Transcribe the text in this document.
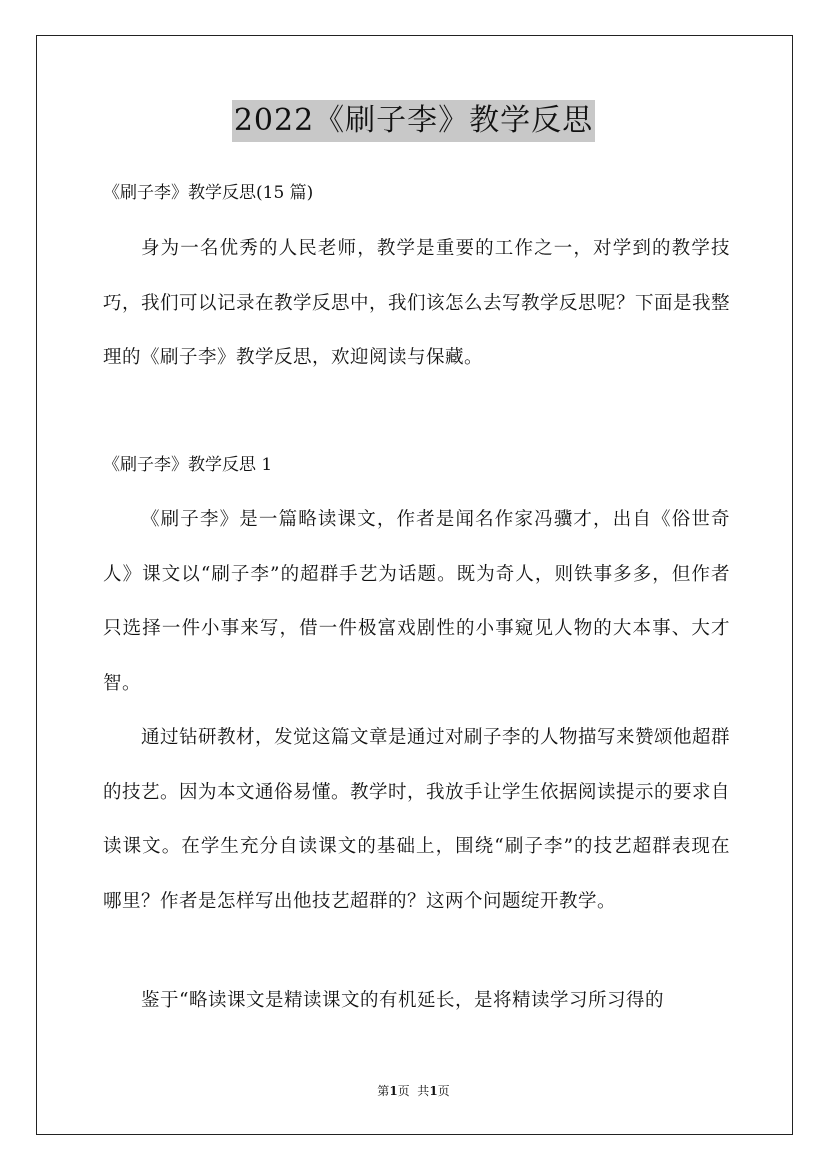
2022《刷子李》教学反思
《刷子李》教学反思(15 篇)

身为一名优秀的人民老师，教学是重要的工作之一，对学到的教学技巧，我们可以记录在教学反思中，我们该怎么去写教学反思呢？下面是我整理的《刷子李》教学反思，欢迎阅读与保藏。

《刷子李》教学反思 1

《刷子李》是一篇略读课文，作者是闻名作家冯骥才，出自《俗世奇人》课文以“刷子李”的超群手艺为话题。既为奇人，则铁事多多，但作者只选择一件小事来写，借一件极富戏剧性的小事窥见人物的大本事、大才智。

通过钻研教材，发觉这篇文章是通过对刷子李的人物描写来赞颂他超群的技艺。因为本文通俗易懂。教学时，我放手让学生依据阅读提示的要求自读课文。在学生充分自读课文的基础上，围绕“刷子李”的技艺超群表现在哪里？作者是怎样写出他技艺超群的？这两个问题绽开教学。

鉴于“略读课文是精读课文的有机延长，是将精读学习所习得的

第1页  共1页
